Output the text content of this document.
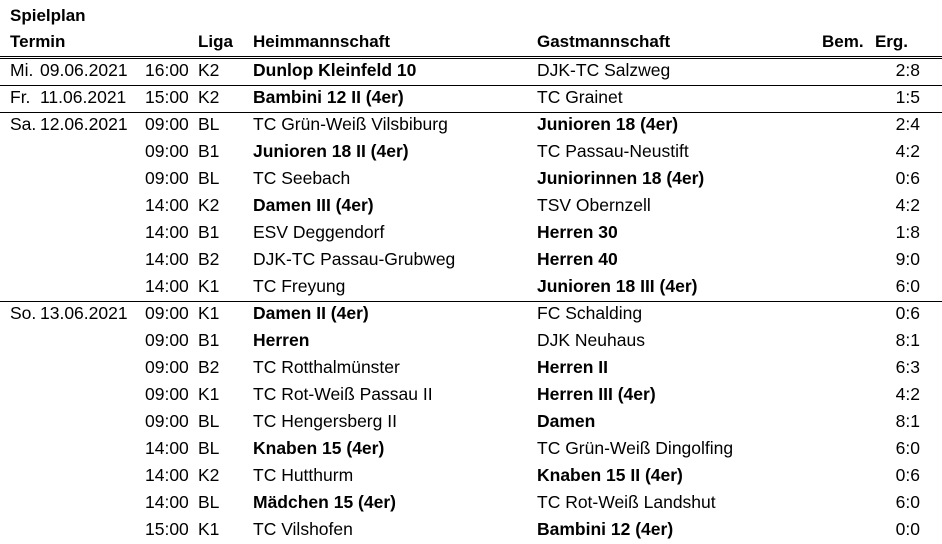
Spielplan
Termin	Liga Heimmannschaft	Gastmannschaft	Bem. Erg.
Mi. 09.06.2021 16:00 K2 Dunlop Kleinfeld 10	DJK-TC Salzweg	2:8
Fr. 11.06.2021 15:00 K2 Bambini 12 II (4er)	TC Grainet	1:5
Sa. 12.06.2021 09:00 BL TC Grün-Weiß Vilsbiburg	Junioren 18 (4er)	2:4
09:00 B1 Junioren 18 II (4er)	TC Passau-Neustift	4:2
09:00 BL TC Seebach	Juniorinnen 18 (4er)	0:6
14:00 K2 Damen III (4er)	TSV Obernzell	4:2
14:00 B1 ESV Deggendorf	Herren 30	1:8
14:00 B2 DJK-TC Passau-Grubweg	Herren 40	9:0
14:00 K1 TC Freyung	Junioren 18 III (4er)	6:0
So. 13.06.2021 09:00 K1 Damen II (4er)	FC Schalding	0:6
09:00 B1 Herren	DJK Neuhaus	8:1
09:00 B2 TC Rotthalmünster	Herren II	6:3
09:00 K1 TC Rot-Weiß Passau II	Herren III (4er)	4:2
09:00 BL TC Hengersberg II	Damen	8:1
14:00 BL Knaben 15 (4er)	TC Grün-Weiß Dingolfing	6:0
14:00 K2 TC Hutthurm	Knaben 15 II (4er)	0:6
14:00 BL Mädchen 15 (4er)	TC Rot-Weiß Landshut	6:0
15:00 K1 TC Vilshofen	Bambini 12 (4er)	0:0
